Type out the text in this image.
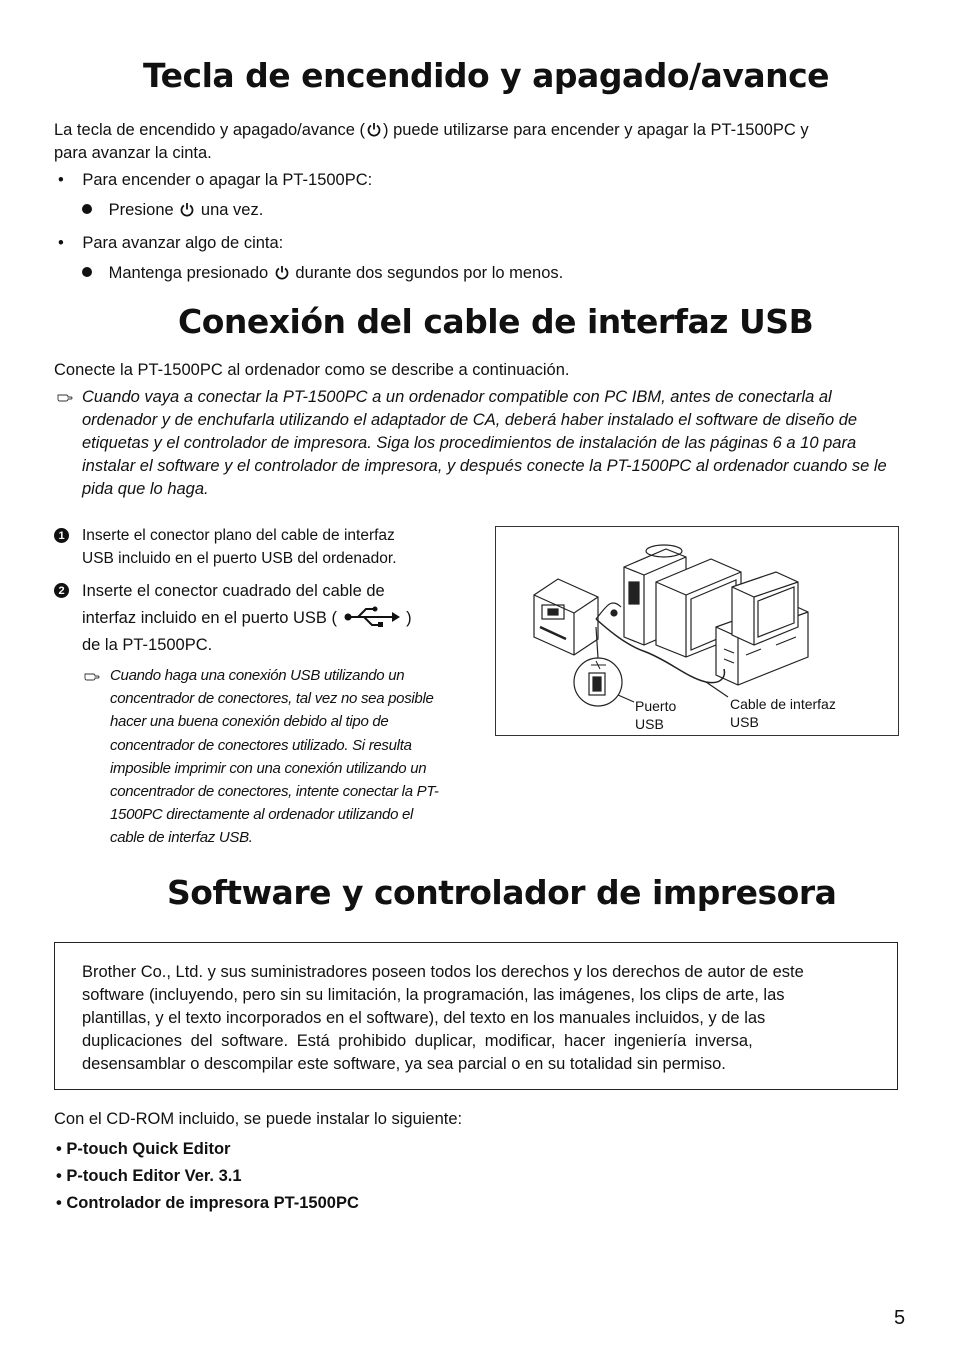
Tecla de encendido y apagado/avance
La tecla de encendido y apagado/avance ( ) puede utilizarse para encender y apagar la PT-1500PC y
para avanzar la cinta.
• Para encender o apagar la PT-1500PC:
Presione una vez.
• Para avanzar algo de cinta:
Mantenga presionado durante dos segundos por lo menos.
Conexión del cable de interfaz USB
Conecte la PT-1500PC al ordenador como se describe a continuación.
Cuando vaya a conectar la PT-1500PC a un ordenador compatible con PC IBM, antes de conectarla al
ordenador y de enchufarla utilizando el adaptador de CA, deberá haber instalado el software de diseño de
etiquetas y el controlador de impresora. Siga los procedimientos de instalación de las páginas 6 a 10 para
instalar el software y el controlador de impresora, y después conecte la PT-1500PC al ordenador cuando se le
pida que lo haga.
1 Inserte el conector plano del cable de interfaz
USB incluido en el puerto USB del ordenador.
2 Inserte el conector cuadrado del cable de
interfaz incluido en el puerto USB (	)
de la PT-1500PC.
Cuando haga una conexión USB utilizando un
concentrador de conectores, tal vez no sea posible
hacer una buena conexión debido al tipo de
concentrador de conectores utilizado. Si resulta
imposible imprimir con una conexión utilizando un
concentrador de conectores, intente conectar la PT-
1500PC directamente al ordenador utilizando el
cable de interfaz USB.
Puerto
USB
Cable de interfaz
USB
Software y controlador de impresora
Brother Co., Ltd. y sus suministradores poseen todos los derechos y los derechos de autor de este
software (incluyendo, pero sin su limitación, la programación, las imágenes, los clips de arte, las
plantillas, y el texto incorporados en el software), del texto en los manuales incluidos, y de las
duplicaciones del software. Está prohibido duplicar, modificar, hacer ingeniería inversa,
desensamblar o descompilar este software, ya sea parcial o en su totalidad sin permiso.
Con el CD-ROM incluido, se puede instalar lo siguiente:
• P-touch Quick Editor
• P-touch Editor Ver. 3.1
• Controlador de impresora PT-1500PC
5
